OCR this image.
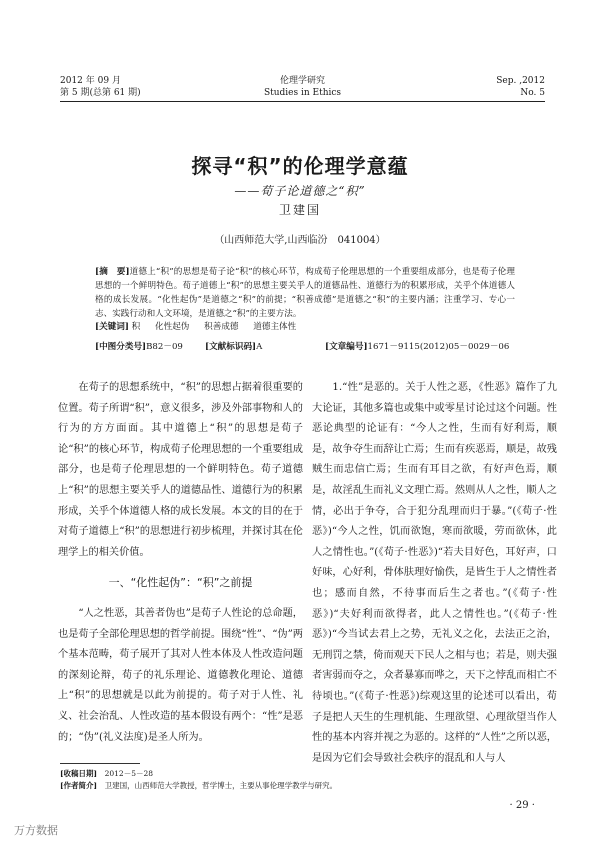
2012 年 09 月
第 5 期(总第 61 期)
伦理学研究
Studies in Ethics
Sep. ,2012
No. 5
探寻“积”的伦理学意蕴
——荀子论道德之“积”
卫建国
（山西师范大学,山西临汾　041004）
[摘　要]道德上“积”的思想是荀子论“积”的核心环节，构成荀子伦理思想的一个重要组成部分，也是荀子伦理思想的一个鲜明特色。荀子道德上“积”的思想主要关乎人的道德品性、道德行为的积累形成，关乎个体道德人格的成长发展。“化性起伪”是道德之“积”的前提；“积善成德”是道德之“积”的主要内涵；注重学习、专心一志、实践行动和人文环境，是道德之“积”的主要方法。
[关键词] 积 化性起伪 积善成德 道德主体性
[中图分类号]B82－09	[文献标识码]A	[文章编号]1671－9115(2012)05－0029－06

在荀子的思想系统中，“积”的思想占据着很重要的位置。荀子所谓“积”，意义很多，涉及外部事物和人的行为的方方面面。其中道德上“积”的思想是荀子论“积”的核心环节，构成荀子伦理思想的一个重要组成部分，也是荀子伦理思想的一个鲜明特色。荀子道德上“积”的思想主要关乎人的道德品性、道德行为的积累形成，关乎个体道德人格的成长发展。本文的目的在于对荀子道德上“积”的思想进行初步梳理，并探讨其在伦理学上的相关价值。

一、“化性起伪”：“积”之前提

“人之性恶，其善者伪也”是荀子人性论的总命题，也是荀子全部伦理思想的哲学前提。围绕“性”、“伪”两个基本范畴，荀子展开了其对人性本体及人性改造问题的深刻论辩，荀子的礼乐理论、道德教化理论、道德上“积”的思想就是以此为前提的。荀子对于人性、礼义、社会治乱、人性改造的基本假设有两个：“性”是恶的；“伪”(礼义法度)是圣人所为。

1.“性”是恶的。关于人性之恶，《性恶》篇作了九大论证，其他多篇也或集中或零星讨论过这个问题。性恶论典型的论证有：“今人之性，生而有好利焉，顺是，故争夺生而辞让亡焉；生而有疾恶焉，顺是，故残贼生而忠信亡焉；生而有耳目之欲，有好声色焉，顺是，故淫乱生而礼义文理亡焉。然则从人之性，顺人之情，必出于争夺，合于犯分乱理而归于暴。”(《荀子·性恶》)“今人之性，饥而欲饱，寒而欲暖，劳而欲休，此人之情性也。”(《荀子·性恶》)“若夫目好色，耳好声，口好味，心好利，骨体肤理好愉佚，是皆生于人之情性者也；感而自然，不待事而后生之者也。”(《荀子·性恶》)“夫好利而欲得者，此人之情性也。”(《荀子·性恶》)“今当试去君上之势，无礼义之化，去法正之治，无刑罚之禁，倚而观天下民人之相与也；若是，则夫强者害弱而夺之，众者暴寡而哗之，天下之悖乱而相亡不待顷也。”(《荀子·性恶》)综观这里的论述可以看出，荀子是把人天生的生理机能、生理欲望、心理欲望当作人性的基本内容并视之为恶的。这样的“人性”之所以恶，是因为它们会导致社会秩序的混乱和人与人

[收稿日期]　 2012－5－28
[作者简介]　 卫建国，山西师范大学教授，哲学博士，主要从事伦理学教学与研究。
· 29 ·
万方数据
